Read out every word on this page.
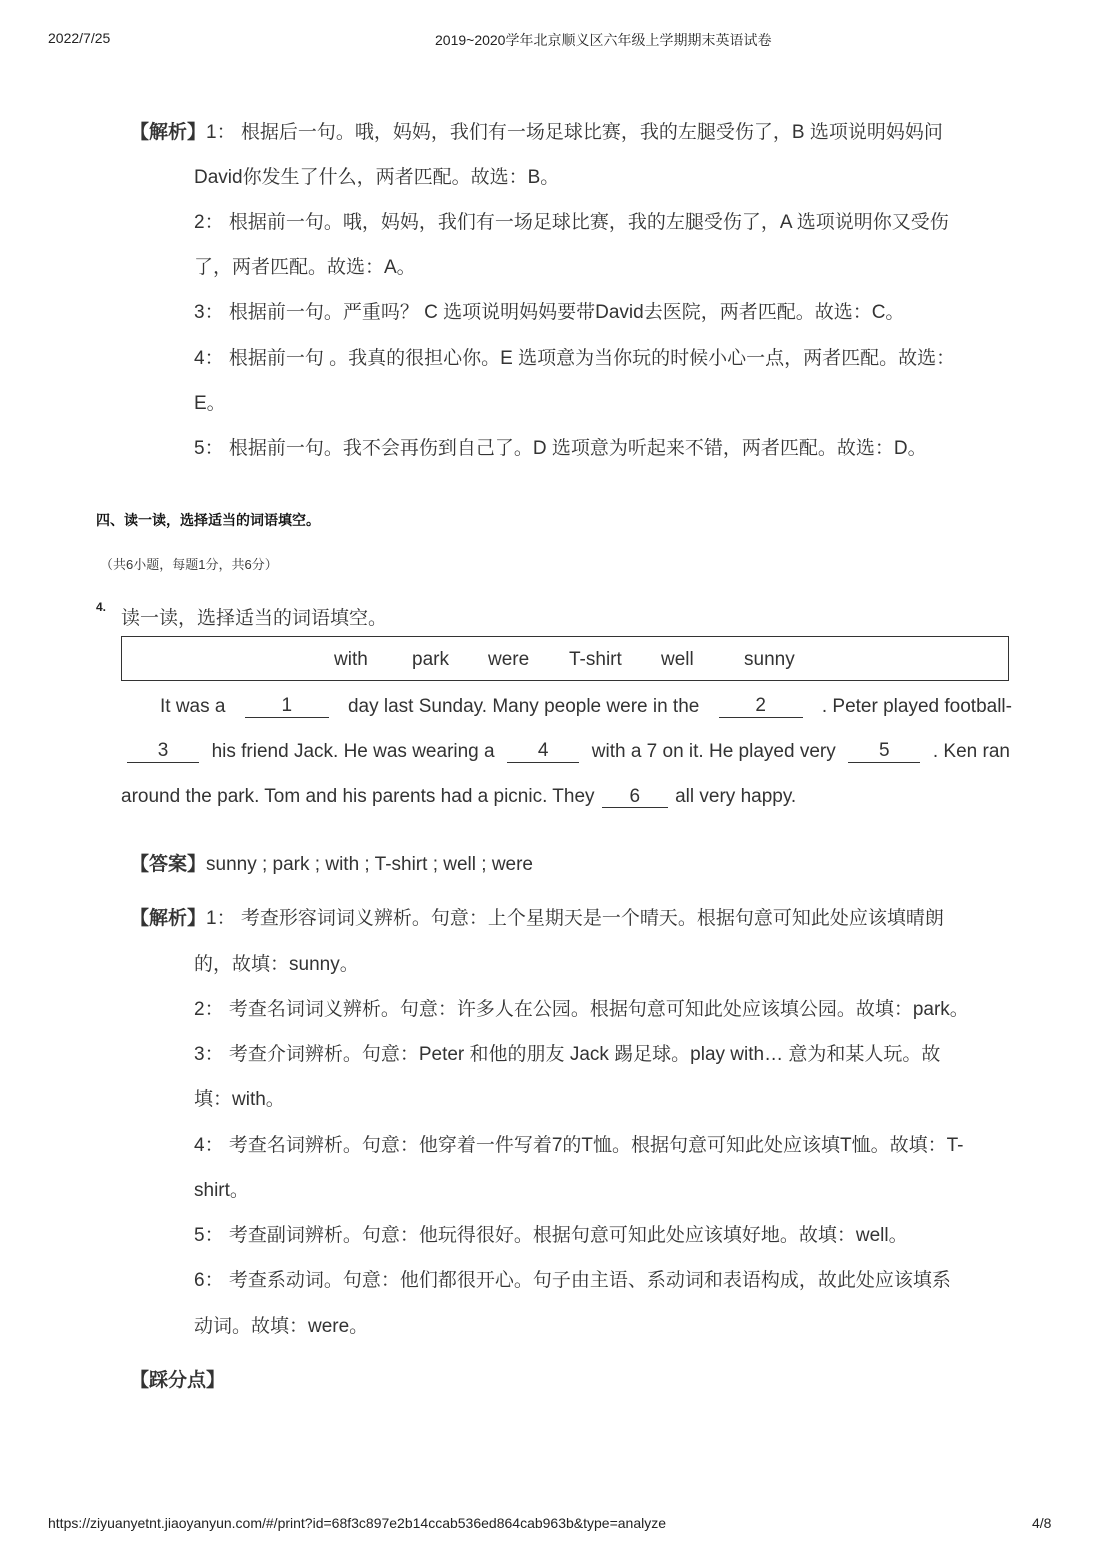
2022/7/25	2019~2020学年北京顺义区六年级上学期期末英语试卷
【解析】1： 根据后一句。哦，妈妈，我们有一场足球比赛，我的左腿受伤了，B 选项说明妈妈问
David你发生了什么，两者匹配。故选：B。
2： 根据前一句。哦，妈妈，我们有一场足球比赛，我的左腿受伤了，A 选项说明你又受伤
了，两者匹配。故选：A。
3： 根据前一句。严重吗？ C 选项说明妈妈要带David去医院，两者匹配。故选：C。
4： 根据前一句 。我真的很担心你。E 选项意为当你玩的时候小心一点，两者匹配。故选：
E。
5： 根据前一句。我不会再伤到自己了。D 选项意为听起来不错，两者匹配。故选：D。
四、读一读，选择适当的词语填空。
（共6小题，每题1分，共6分）
4.
读一读，选择适当的词语填空。
with park were T-shirt well	sunny
It was a	1	day last Sunday. Many people were in the	2	. Peter played football-
3	his friend Jack. He was wearing a	4	with a 7 on it. He played very	5	. Ken ran
around the park. Tom and his parents had a picnic. They 6 all very happy.
【答案】sunny ; park ; with ; T-shirt ; well ; were
【解析】1： 考查形容词词义辨析。句意：上个星期天是一个晴天。根据句意可知此处应该填晴朗
的，故填：sunny。
2： 考查名词词义辨析。句意：许多人在公园。根据句意可知此处应该填公园。故填：park。
3： 考查介词辨析。句意：Peter 和他的朋友 Jack 踢足球。play with… 意为和某人玩。故
填：with。
4： 考查名词辨析。句意：他穿着一件写着7的T恤。根据句意可知此处应该填T恤。故填：T-
shirt。
5： 考查副词辨析。句意：他玩得很好。根据句意可知此处应该填好地。故填：well。
6： 考查系动词。句意：他们都很开心。句子由主语、系动词和表语构成，故此处应该填系
动词。故填：were。
【踩分点】
https://ziyuanyetnt.jiaoyanyun.com/#/print?id=68f3c897e2b14ccab536ed864cab963b&type=analyze	4/8
